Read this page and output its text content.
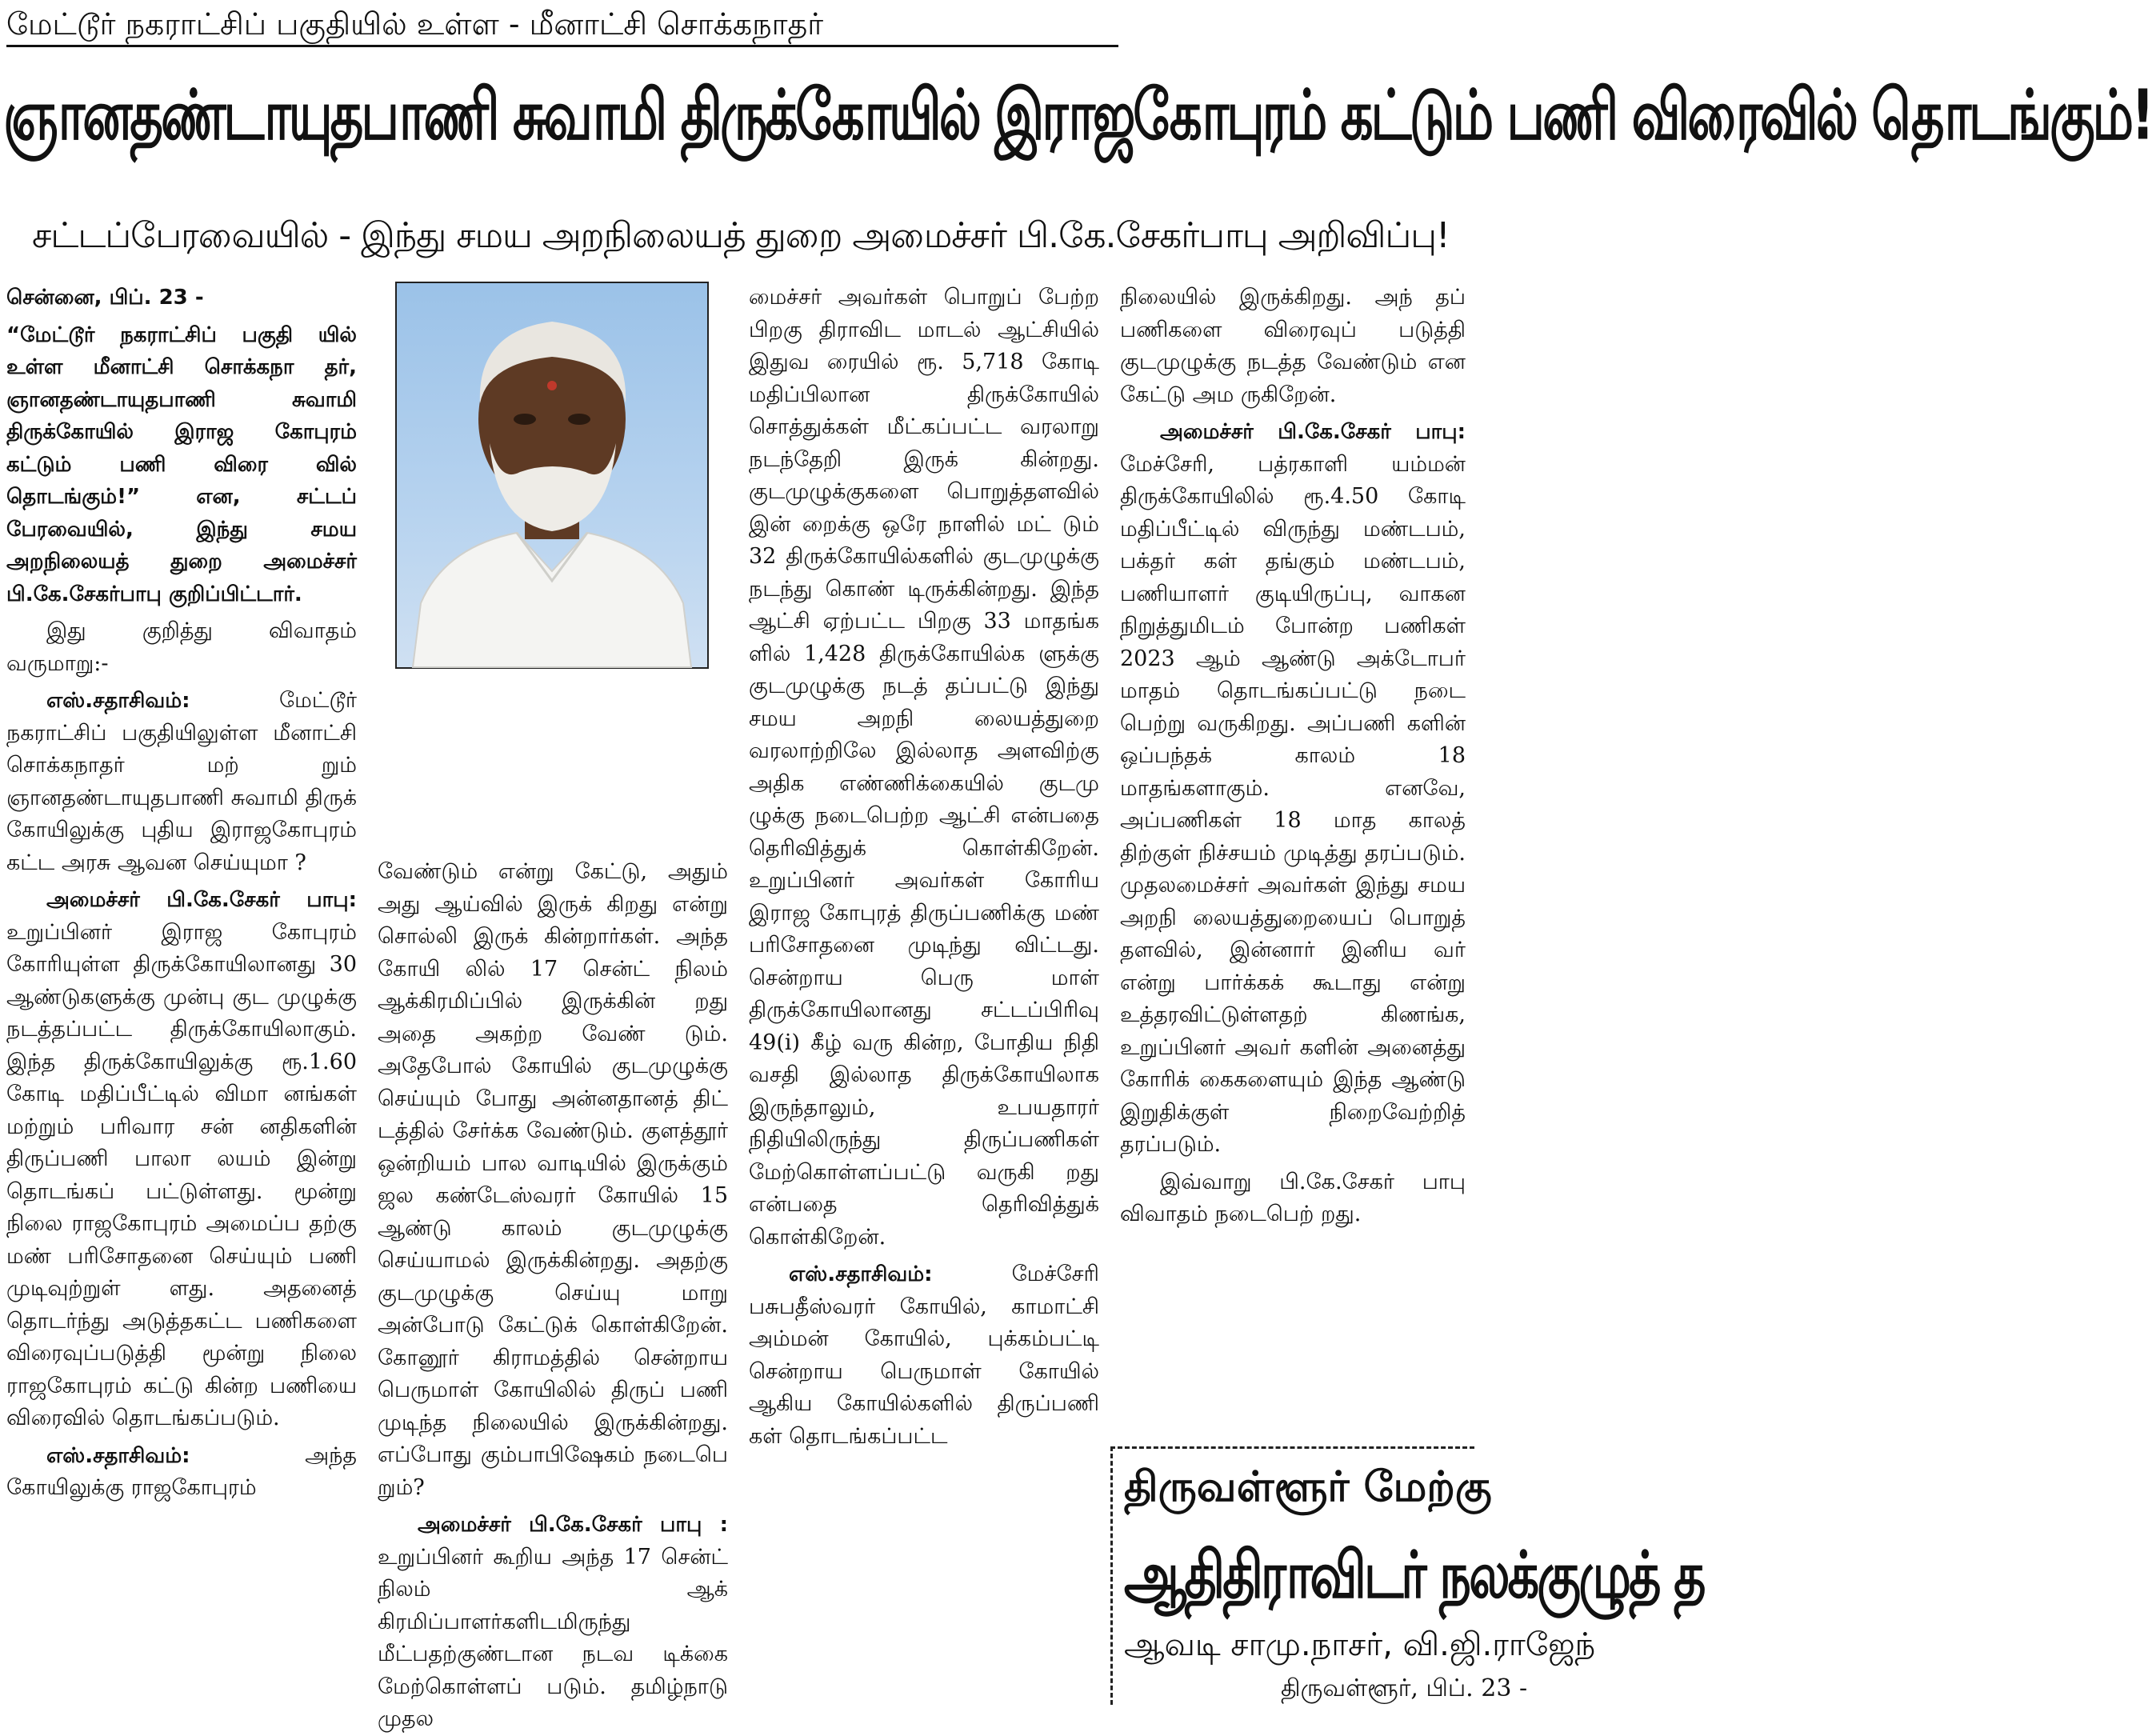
மேட்டூர் நகராட்சிப் பகுதியில் உள்ள - மீனாட்சி சொக்கநாதர்
ஞானதண்டாயுதபாணி சுவாமி திருக்கோயில் இராஜகோபுரம் கட்டும் பணி விரைவில் தொடங்கும்!
சட்டப்பேரவையில் - இந்து சமய அறநிலையத் துறை அமைச்சர் பி.கே.சேகர்பாபு அறிவிப்பு!

சென்னை, பிப். 23 -

“மேட்டூர் நகராட்சிப் பகுதி யில் உள்ள மீனாட்சி சொக்கநா தர், ஞானதண்டாயுதபாணி சுவாமி திருக்கோயில் இராஜ கோபுரம் கட்டும் பணி விரை வில் தொடங்கும்!” என, சட்டப் பேரவையில், இந்து சமய அறநிலையத் துறை அமைச்சர் பி.கே.சேகர்பாபு குறிப்பிட்டார்.

இது குறித்து விவாதம் வருமாறு:-

எஸ்.சதாசிவம்:	மேட்டூர் நகராட்சிப் பகுதியிலுள்ள மீனாட்சி சொக்கநாதர் மற் றும் ஞானதண்டாயுதபாணி சுவாமி திருக் கோயிலுக்கு புதிய இராஜகோபுரம் கட்ட அரசு ஆவன செய்யுமா ?

அமைச்சர் பி.கே.சேகர் பாபு: உறுப்பினர் இராஜ கோபுரம் கோரியுள்ள திருக்கோயிலானது 30 ஆண்டுகளுக்கு முன்பு குட முழுக்கு நடத்தப்பட்ட திருக்கோயிலாகும். இந்த திருக்கோயிலுக்கு ரூ.1.60 கோடி மதிப்பீட்டில் விமா னங்கள் மற்றும் பரிவார சன் னதிகளின் திருப்பணி பாலா லயம் இன்று தொடங்கப் பட்டுள்ளது. மூன்று நிலை ராஜகோபுரம் அமைப்ப தற்கு மண் பரிசோதனை செய்யும் பணி முடிவுற்றுள் ளது. அதனைத் தொடர்ந்து அடுத்தகட்ட பணிகளை விரைவுப்படுத்தி மூன்று நிலை ராஜகோபுரம் கட்டு கின்ற பணியை விரைவில் தொடங்கப்படும்.

எஸ்.சதாசிவம்:	அந்த கோயிலுக்கு ராஜகோபுரம்

வேண்டும் என்று கேட்டு, அதும் அது ஆய்வில் இருக் கிறது என்று சொல்லி இருக் கின்றார்கள். அந்த கோயி லில் 17 சென்ட் நிலம் ஆக்கிரமிப்பில் இருக்கின் றது அதை அகற்ற வேண் டும். அதேபோல் கோயில் குடமுழுக்கு செய்யும் போது அன்னதானத் திட் டத்தில் சேர்க்க வேண்டும். குளத்தூர் ஒன்றியம் பால வாடியில் இருக்கும் ஜல கண்டேஸ்வரர் கோயில் 15 ஆண்டு காலம் குடமுழுக்கு செய்யாமல் இருக்கின்றது. அதற்கு குடமுழுக்கு செய்யு மாறு அன்போடு கேட்டுக் கொள்கிறேன். கோனூர் கிராமத்தில் சென்றாய பெருமாள் கோயிலில் திருப் பணி முடிந்த நிலையில் இருக்கின்றது. எப்போது கும்பாபிஷேகம் நடைபெ றும்?

அமைச்சர் பி.கே.சேகர் பாபு : உறுப்பினர் கூறிய அந்த 17 சென்ட் நிலம் ஆக் கிரமிப்பாளர்களிடமிருந்து மீட்பதற்குண்டான நடவ டிக்கை மேற்கொள்ளப் படும். தமிழ்நாடு முதல

மைச்சர் அவர்கள் பொறுப் பேற்ற பிறகு திராவிட மாடல் ஆட்சியில் இதுவ ரையில் ரூ. 5,718 கோடி மதிப்பிலான திருக்கோயில் சொத்துக்கள் மீட்கப்பட்ட வரலாறு நடந்தேறி இருக் கின்றது. குடமுழுக்குகளை பொறுத்தளவில் இன் றைக்கு ஒரே நாளில் மட் டும் 32 திருக்கோயில்களில் குடமுழுக்கு நடந்து கொண் டிருக்கின்றது. இந்த ஆட்சி ஏற்பட்ட பிறகு 33 மாதங்க ளில் 1,428 திருக்கோயில்க ளுக்கு குடமுழுக்கு நடத் தப்பட்டு இந்து சமய அறநி லையத்துறை வரலாற்றிலே இல்லாத அளவிற்கு அதிக எண்ணிக்கையில் குடமு ழுக்கு நடைபெற்ற ஆட்சி என்பதை தெரிவித்துக் கொள்கிறேன். உறுப்பினர் அவர்கள் கோரிய இராஜ கோபுரத் திருப்பணிக்கு மண் பரிசோதனை முடிந்து விட்டது. சென்றாய பெரு மாள் திருக்கோயிலானது சட்டப்பிரிவு 49(i) கீழ் வரு கின்ற, போதிய நிதி வசதி இல்லாத திருக்கோயிலாக இருந்தாலும், உபயதாரர் நிதியிலிருந்து திருப்பணிகள் மேற்கொள்ளப்பட்டு வருகி றது என்பதை தெரிவித்துக் கொள்கிறேன்.

எஸ்.சதாசிவம்:	மேச்சேரி பசுபதீஸ்வரர் கோயில், காமாட்சி அம்மன் கோயில், புக்கம்பட்டி சென்றாய பெருமாள் கோயில் ஆகிய கோயில்களில் திருப்பணி கள் தொடங்கப்பட்ட

நிலையில் இருக்கிறது. அந் தப் பணிகளை விரைவுப் படுத்தி குடமுழுக்கு நடத்த வேண்டும் என கேட்டு அம ருகிறேன்.

அமைச்சர் பி.கே.சேகர் பாபு: மேச்சேரி, பத்ரகாளி யம்மன் திருக்கோயிலில் ரூ.4.50 கோடி மதிப்பீட்டில் விருந்து மண்டபம், பக்தர் கள் தங்கும் மண்டபம், பணியாளர் குடியிருப்பு, வாகன நிறுத்துமிடம் போன்ற பணிகள் 2023 ஆம் ஆண்டு அக்டோபர் மாதம் தொடங்கப்பட்டு நடை பெற்று வருகிறது. அப்பணி களின் ஒப்பந்தக் காலம் 18 மாதங்களாகும். எனவே, அப்பணிகள் 18 மாத காலத் திற்குள் நிச்சயம் முடித்து தரப்படும். முதலமைச்சர் அவர்கள் இந்து சமய அறநி லையத்துறையைப் பொறுத் தளவில், இன்னார் இனிய வர் என்று பார்க்கக் கூடாது என்று உத்தரவிட்டுள்ளதற் கிணங்க, உறுப்பினர் அவர் களின் அனைத்து கோரிக் கைகளையும் இந்த ஆண்டு இறுதிக்குள் நிறைவேற்றித் தரப்படும்.

இவ்வாறு பி.கே.சேகர் பாபு விவாதம் நடைபெற் றது.

திருவள்ளூர் மேற்கு
ஆதிதிராவிடர் நலக்குழுத் த
ஆவடி சாமு.நாசர், வி.ஜி.ராஜேந்
திருவள்ளூர், பிப். 23 -
